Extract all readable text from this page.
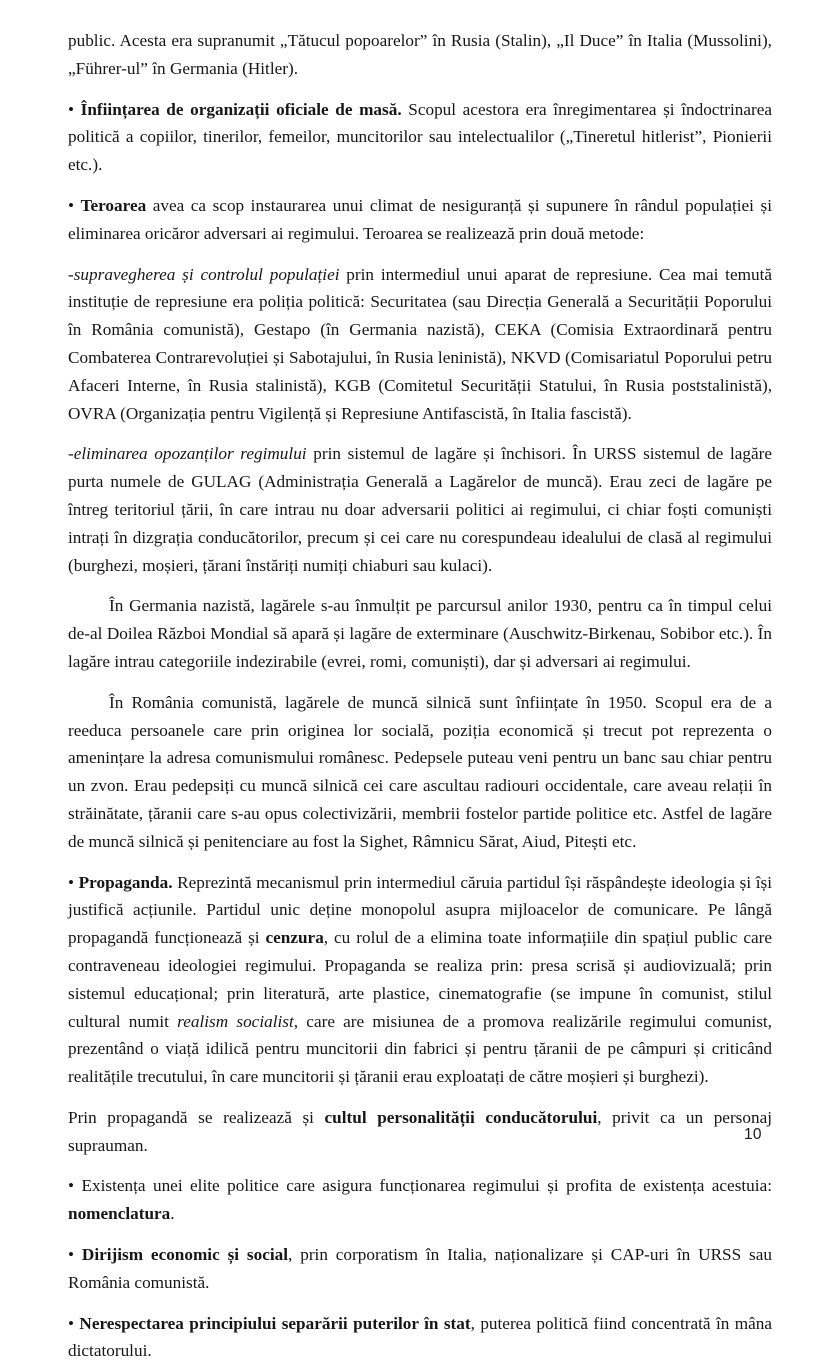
public. Acesta era supranumit „Tătucul popoarelor” în Rusia (Stalin), „Il Duce” în Italia (Mussolini), „Führer-ul” în Germania (Hitler).

• Înființarea de organizații oficiale de masă. Scopul acestora era înregimentarea și îndoctrinarea politică a copiilor, tinerilor, femeilor, muncitorilor sau intelectualilor („Tineretul hitlerist”, Pionierii etc.).

• Teroarea avea ca scop instaurarea unui climat de nesiguranță și supunere în rândul populației și eliminarea oricăror adversari ai regimului. Teroarea se realizează prin două metode:

-supravegherea și controlul populației prin intermediul unui aparat de represiune. Cea mai temută instituție de represiune era poliția politică: Securitatea (sau Direcția Generală a Securității Poporului în România comunistă), Gestapo (în Germania nazistă), CEKA (Comisia Extraordinară pentru Combaterea Contrarevoluției și Sabotajului, în Rusia leninistă), NKVD (Comisariatul Poporului petru Afaceri Interne, în Rusia stalinistă), KGB (Comitetul Securității Statului, în Rusia poststalinistă), OVRA (Organizația pentru Vigilență și Represiune Antifascistă, în Italia fascistă).

-eliminarea opozanților regimului prin sistemul de lagăre și închisori. În URSS sistemul de lagăre purta numele de GULAG (Administrația Generală a Lagărelor de muncă). Erau zeci de lagăre pe întreg teritoriul țării, în care intrau nu doar adversarii politici ai regimului, ci chiar foști comuniști intrați în dizgrația conducătorilor, precum și cei care nu corespundeau idealului de clasă al regimului (burghezi, moșieri, țărani înstăriți numiți chiaburi sau kulaci).

În Germania nazistă, lagărele s-au înmulțit pe parcursul anilor 1930, pentru ca în timpul celui de-al Doilea Război Mondial să apară și lagăre de exterminare (Auschwitz-Birkenau, Sobibor etc.). În lagăre intrau categoriile indezirabile (evrei, romi, comuniști), dar și adversari ai regimului.

În România comunistă, lagărele de muncă silnică sunt înființate în 1950. Scopul era de a reeduca persoanele care prin originea lor socială, poziția economică și trecut pot reprezenta o amenințare la adresa comunismului românesc. Pedepsele puteau veni pentru un banc sau chiar pentru un zvon. Erau pedepsiți cu muncă silnică cei care ascultau radiouri occidentale, care aveau relații în străinătate, țăranii care s-au opus colectivizării, membrii fostelor partide politice etc. Astfel de lagăre de muncă silnică și penitenciare au fost la Sighet, Râmnicu Sărat, Aiud, Pitești etc.

• Propaganda. Reprezintă mecanismul prin intermediul căruia partidul își răspândește ideologia și își justifică acțiunile. Partidul unic deține monopolul asupra mijloacelor de comunicare. Pe lângă propagandă funcționează și cenzura, cu rolul de a elimina toate informațiile din spațiul public care contraveneau ideologiei regimului. Propaganda se realiza prin: presa scrisă și audiovizuală; prin sistemul educațional; prin literatură, arte plastice, cinematografie (se impune în comunist, stilul cultural numit realism socialist, care are misiunea de a promova realizările regimului comunist, prezentând o viață idilică pentru muncitorii din fabrici și pentru țăranii de pe câmpuri și criticând realitățile trecutului, în care muncitorii și țăranii erau exploatați de către moșieri și burghezi).

Prin propagandă se realizează și cultul personalității conducătorului, privit ca un personaj suprauman.

• Existența unei elite politice care asigura funcționarea regimului și profita de existența acestuia: nomenclatura.

• Dirijism economic și social, prin corporatism în Italia, naționalizare și CAP-uri în URSS sau România comunistă.

• Nerespectarea principiului separării puterilor în stat, puterea politică fiind concentrată în mâna dictatorului.

10
